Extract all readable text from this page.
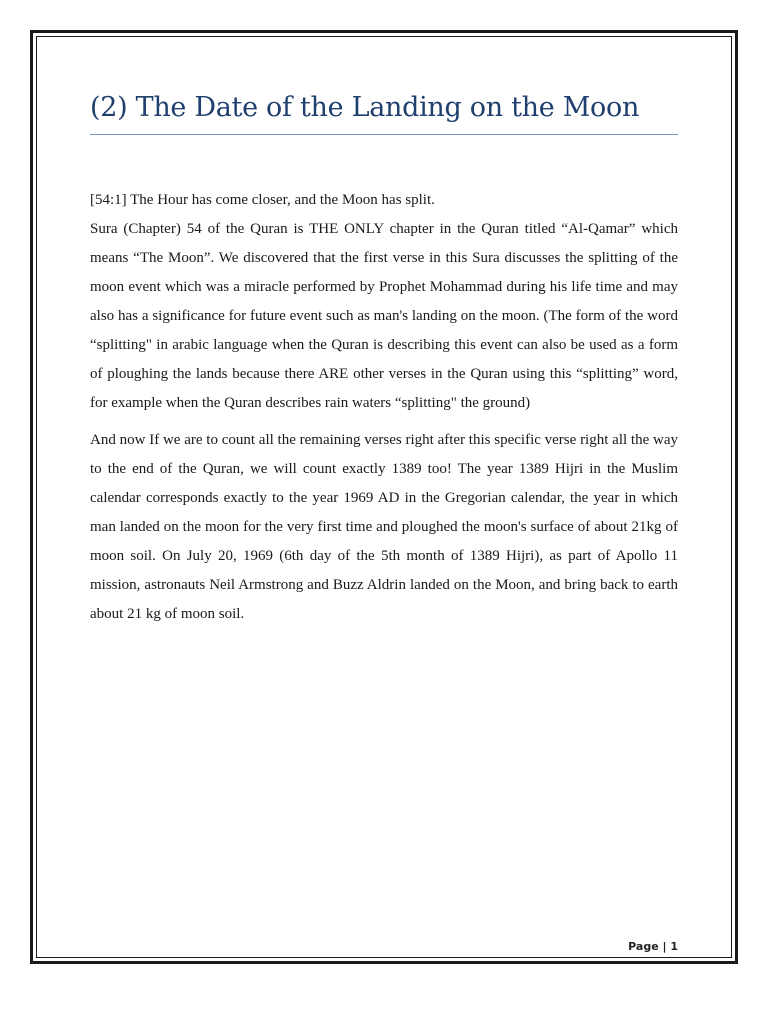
(2) The Date of the Landing on the Moon

[54:1] The Hour has come closer, and the Moon has split.

Sura (Chapter) 54 of the Quran is THE ONLY chapter in the Quran titled “Al-Qamar” which means “The Moon”. We discovered that the first verse in this Sura discusses the splitting of the moon event which was a miracle performed by Prophet Mohammad during his life time and may also has a significance for future event such as man's landing on the moon. (The form of the word “splitting" in arabic language when the Quran is describing this event can also be used as a form of ploughing the lands because there ARE other verses in the Quran using this “splitting” word, for example when the Quran describes rain waters “splitting" the ground)

And now If we are to count all the remaining verses right after this specific verse right all the way to the end of the Quran, we will count exactly 1389 too! The year 1389 Hijri in the Muslim calendar corresponds exactly to the year 1969 AD in the Gregorian calendar, the year in which man landed on the moon for the very first time and ploughed the moon's surface of about 21kg of moon soil. On July 20, 1969 (6th day of the 5th month of 1389 Hijri), as part of Apollo 11 mission, astronauts Neil Armstrong and Buzz Aldrin landed on the Moon, and bring back to earth about 21 kg of moon soil.

Page | 1
